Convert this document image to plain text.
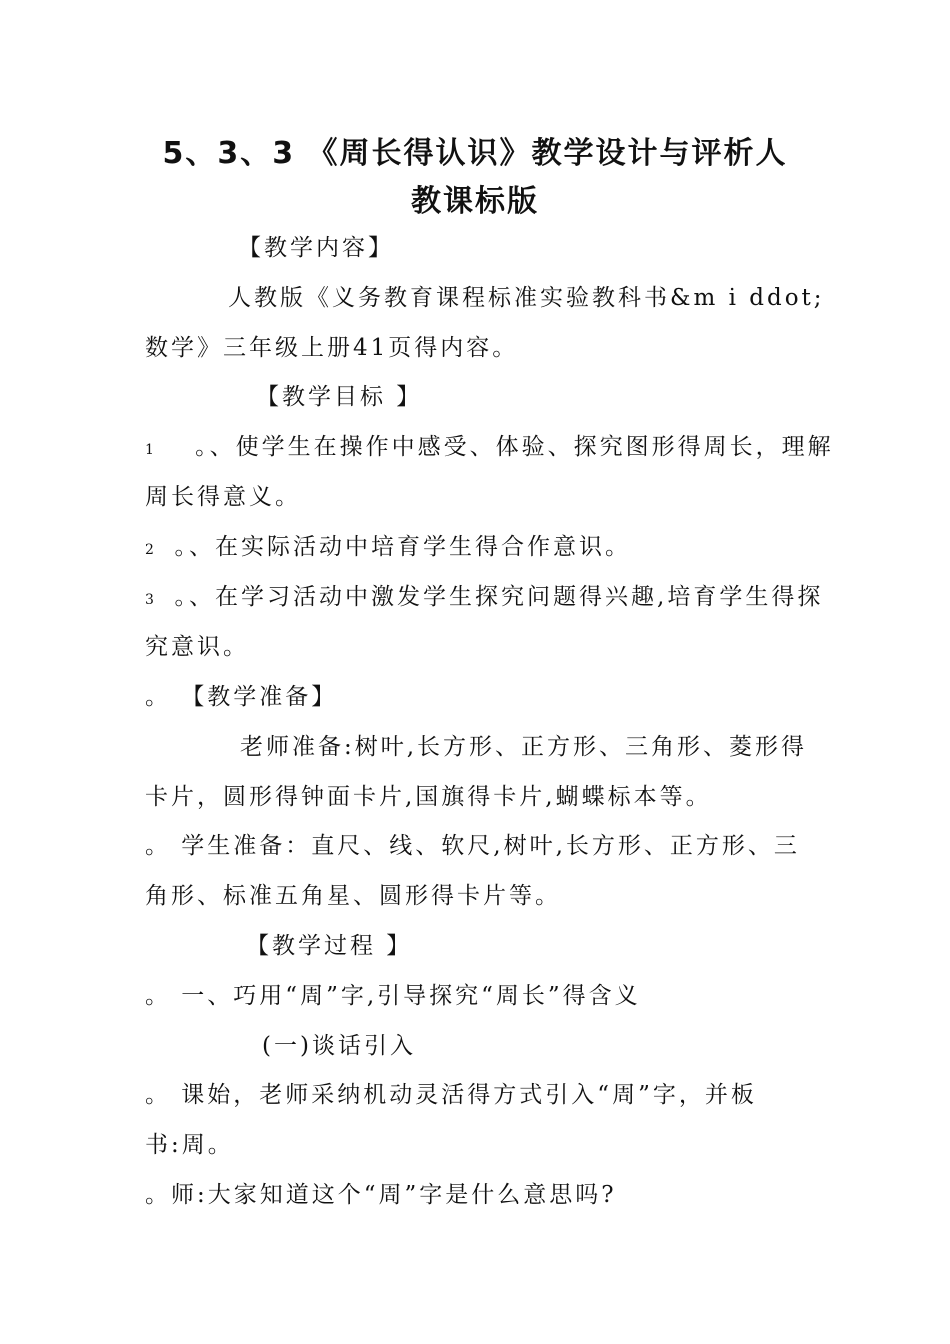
5、3、3 《周长得认识》教学设计与评析人
教课标版
【教学内容】
人教版《义务教育课程标准实验教科书&m i ddot;
数学》三年级上册41页得内容。
【教学目标 】
1 。、使学生在操作中感受、体验、探究图形得周长，理解
周长得意义。
2 。、在实际活动中培育学生得合作意识。
3 。、在学习活动中激发学生探究问题得兴趣,培育学生得探
究意识。
。 【教学准备】
老师准备:树叶,长方形、正方形、三角形、菱形得
卡片，圆形得钟面卡片,国旗得卡片,蝴蝶标本等。
。 学生准备：直尺、线、软尺,树叶,长方形、正方形、三
角形、标准五角星、圆形得卡片等。
【教学过程 】
。 一、巧用“周”字,引导探究“周长”得含义
(一)谈话引入
。 课始，老师采纳机动灵活得方式引入“周”字，并板
书:周。
。师:大家知道这个“周”字是什么意思吗?
